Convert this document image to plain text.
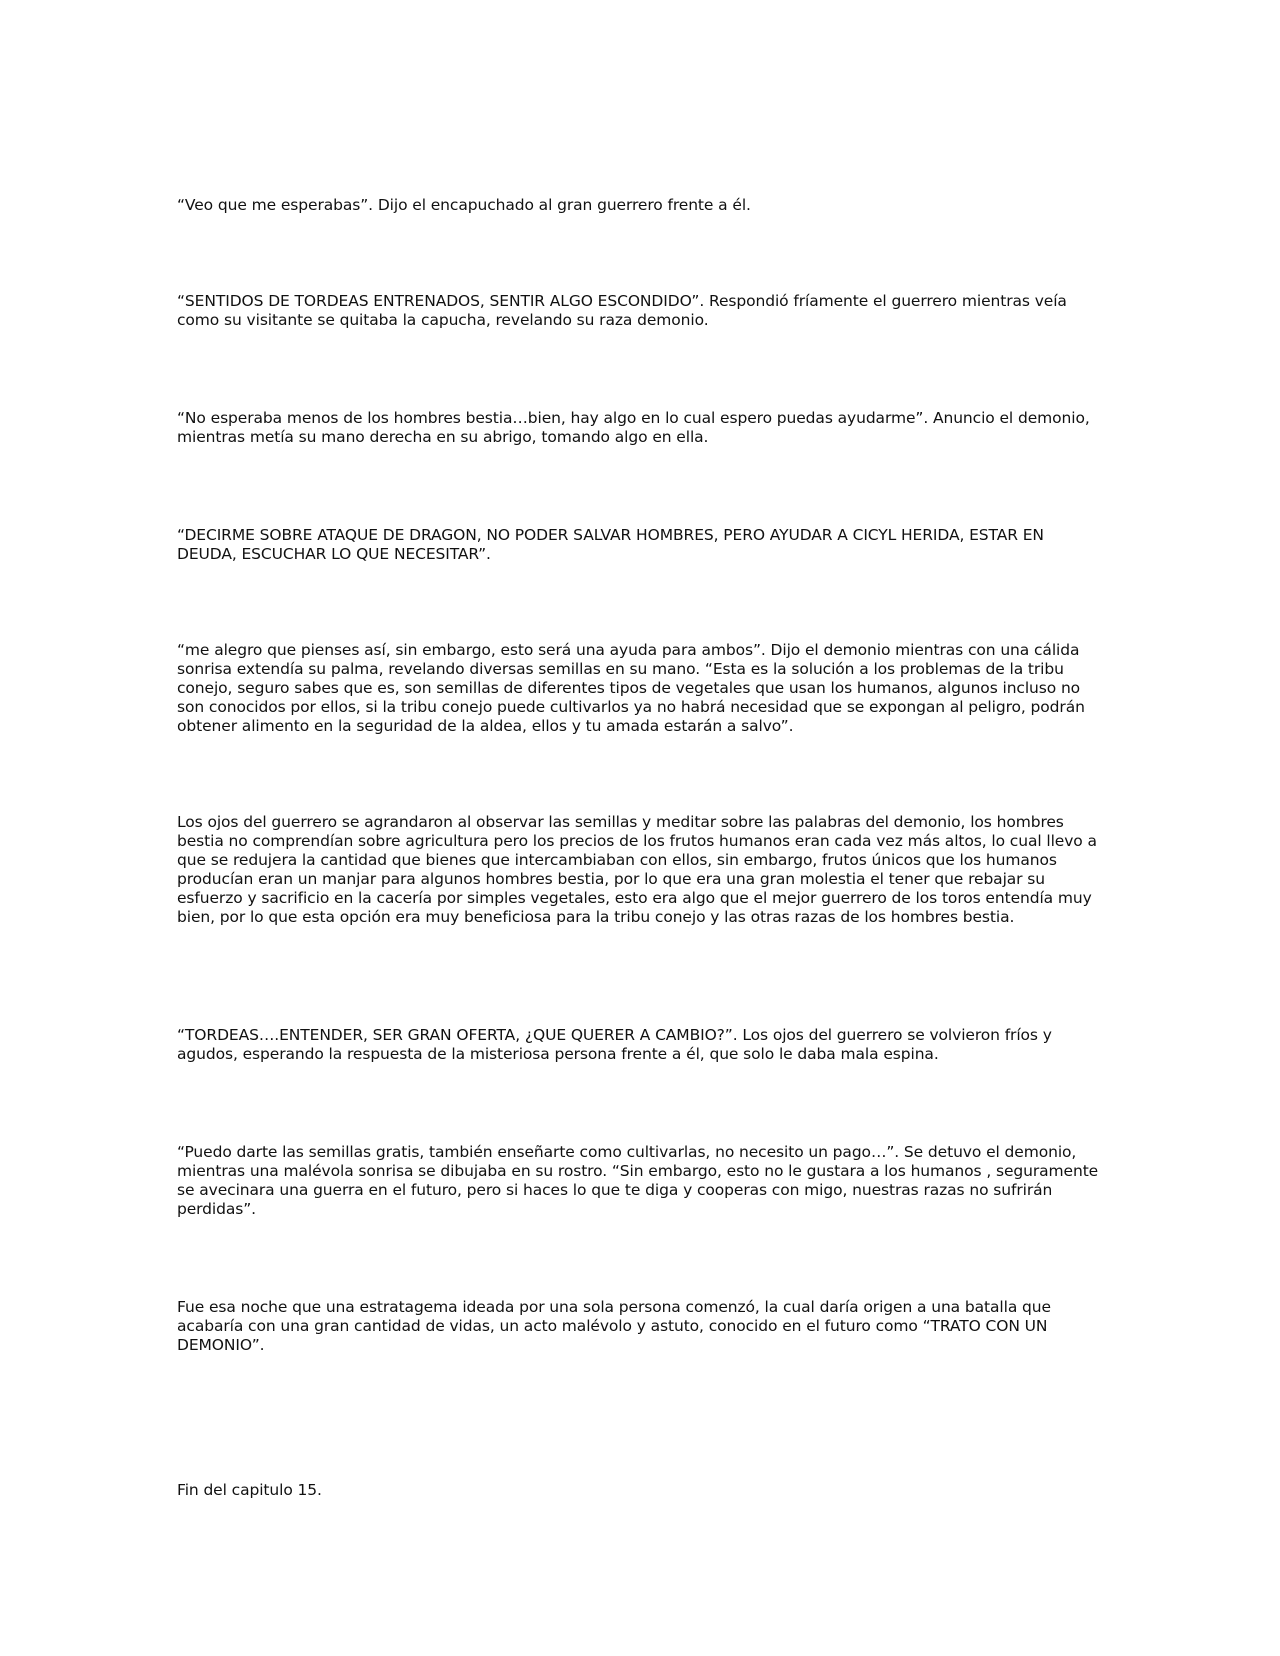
“Veo que me esperabas”. Dijo el encapuchado al gran guerrero frente a él.

“SENTIDOS DE TORDEAS ENTRENADOS, SENTIR ALGO ESCONDIDO”. Respondió fríamente el guerrero mientras veía como su visitante se quitaba la capucha, revelando su raza demonio.

“No esperaba menos de los hombres bestia…bien, hay algo en lo cual espero puedas ayudarme”. Anuncio el demonio, mientras metía su mano derecha en su abrigo, tomando algo en ella.

“DECIRME SOBRE ATAQUE DE DRAGON, NO PODER SALVAR HOMBRES, PERO AYUDAR A CICYL HERIDA, ESTAR EN DEUDA, ESCUCHAR LO QUE NECESITAR”.

“me alegro que pienses así, sin embargo, esto será una ayuda para ambos”. Dijo el demonio mientras con una cálida sonrisa extendía su palma, revelando diversas semillas en su mano. “Esta es la solución a los problemas de la tribu conejo, seguro sabes que es, son semillas de diferentes tipos de vegetales que usan los humanos, algunos incluso no son conocidos por ellos, si la tribu conejo puede cultivarlos ya no habrá necesidad que se expongan al peligro, podrán obtener alimento en la seguridad de la aldea, ellos y tu amada estarán a salvo”.

Los ojos del guerrero se agrandaron al observar las semillas y meditar sobre las palabras del demonio, los hombres bestia no comprendían sobre agricultura pero los precios de los frutos humanos eran cada vez más altos, lo cual llevo a que se redujera la cantidad que bienes que intercambiaban con ellos, sin embargo, frutos únicos que los humanos producían eran un manjar para algunos hombres bestia, por lo que era una gran molestia el tener que rebajar su esfuerzo y sacrificio en la cacería por simples vegetales, esto era algo que el mejor guerrero de los toros entendía muy bien, por lo que esta opción era muy beneficiosa para la tribu conejo y las otras razas de los hombres bestia.

“TORDEAS….ENTENDER, SER GRAN OFERTA, ¿QUE QUERER A CAMBIO?”. Los ojos del guerrero se volvieron fríos y agudos, esperando la respuesta de la misteriosa persona frente a él, que solo le daba mala espina.

“Puedo darte las semillas gratis, también enseñarte como cultivarlas, no necesito un pago…”. Se detuvo el demonio, mientras una malévola sonrisa se dibujaba en su rostro. “Sin embargo, esto no le gustara a los humanos , seguramente se avecinara una guerra en el futuro, pero si haces lo que te diga y cooperas con migo, nuestras razas no sufrirán perdidas”.

Fue esa noche que una estratagema ideada por una sola persona comenzó, la cual daría origen a una batalla que acabaría con una gran cantidad de vidas, un acto malévolo y astuto, conocido en el futuro como “TRATO CON UN DEMONIO”.

Fin del capitulo 15.
